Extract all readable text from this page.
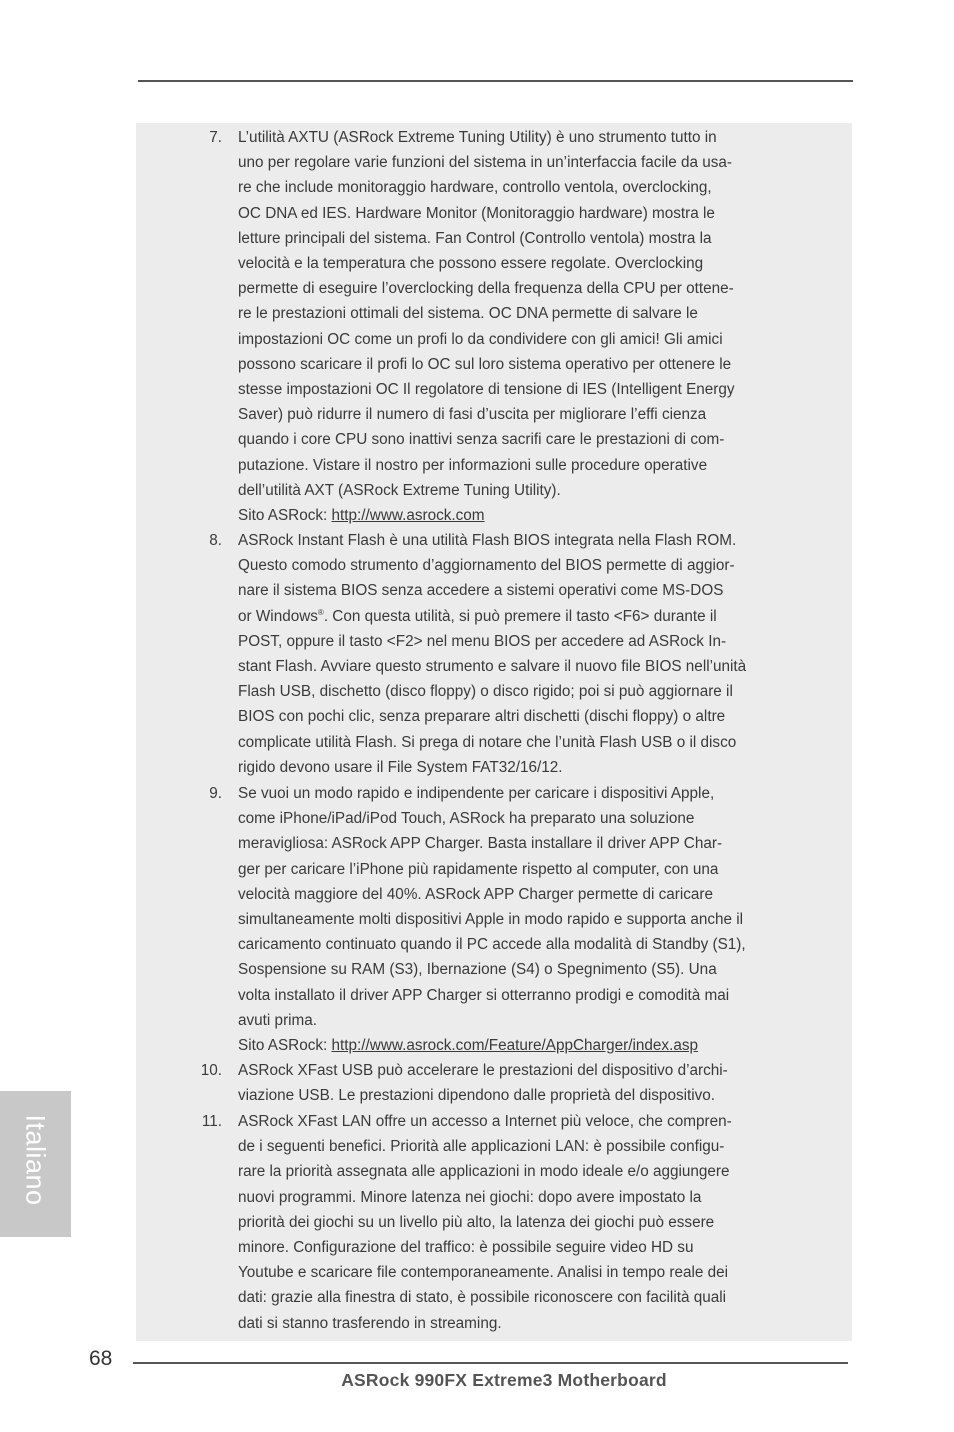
7. L’utilità AXTU (ASRock Extreme Tuning Utility) è uno strumento tutto in
uno per regolare varie funzioni del sistema in un’interfaccia facile da usa-
re che include monitoraggio hardware, controllo ventola, overclocking,
OC DNA ed IES. Hardware Monitor (Monitoraggio hardware) mostra le
letture principali del sistema. Fan Control (Controllo ventola) mostra la
velocità e la temperatura che possono essere regolate. Overclocking
permette di eseguire l’overclocking della frequenza della CPU per ottene-
re le prestazioni ottimali del sistema. OC DNA permette di salvare le
impostazioni OC come un profi lo da condividere con gli amici! Gli amici
possono scaricare il profi lo OC sul loro sistema operativo per ottenere le
stesse impostazioni OC Il regolatore di tensione di IES (Intelligent Energy
Saver) può ridurre il numero di fasi d’uscita per migliorare l’effi cienza
quando i core CPU sono inattivi senza sacrifi care le prestazioni di com-
putazione. Vistare il nostro per informazioni sulle procedure operative
dell’utilità AXT (ASRock Extreme Tuning Utility).
Sito ASRock: http://www.asrock.com
8. ASRock Instant Flash è una utilità Flash BIOS integrata nella Flash ROM.
Questo comodo strumento d’aggiornamento del BIOS permette di aggior-
nare il sistema BIOS senza accedere a sistemi operativi come MS-DOS
or Windows®. Con questa utilità, si può premere il tasto <F6> durante il
POST, oppure il tasto <F2> nel menu BIOS per accedere ad ASRock In-
stant Flash. Avviare questo strumento e salvare il nuovo file BIOS nell’unità
Flash USB, dischetto (disco floppy) o disco rigido; poi si può aggiornare il
BIOS con pochi clic, senza preparare altri dischetti (dischi floppy) o altre
complicate utilità Flash. Si prega di notare che l’unità Flash USB o il disco
rigido devono usare il File System FAT32/16/12.
9. Se vuoi un modo rapido e indipendente per caricare i dispositivi Apple,
come iPhone/iPad/iPod Touch, ASRock ha preparato una soluzione
meravigliosa: ASRock APP Charger. Basta installare il driver APP Char-
ger per caricare l’iPhone più rapidamente rispetto al computer, con una
velocità maggiore del 40%. ASRock APP Charger permette di caricare
simultaneamente molti dispositivi Apple in modo rapido e supporta anche il
caricamento continuato quando il PC accede alla modalità di Standby (S1),
Sospensione su RAM (S3), Ibernazione (S4) o Spegnimento (S5). Una
volta installato il driver APP Charger si otterranno prodigi e comodità mai
avuti prima.
Sito ASRock: http://www.asrock.com/Feature/AppCharger/index.asp
10. ASRock XFast USB può accelerare le prestazioni del dispositivo d’archi-
viazione USB. Le prestazioni dipendono dalle proprietà del dispositivo.
11. ASRock XFast LAN offre un accesso a Internet più veloce, che compren-
de i seguenti benefici. Priorità alle applicazioni LAN: è possibile configu-
rare la priorità assegnata alle applicazioni in modo ideale e/o aggiungere
nuovi programmi. Minore latenza nei giochi: dopo avere impostato la
priorità dei giochi su un livello più alto, la latenza dei giochi può essere
minore. Configurazione del traffico: è possibile seguire video HD su
Youtube e scaricare file contemporaneamente. Analisi in tempo reale dei
dati: grazie alla finestra di stato, è possibile riconoscere con facilità quali
dati si stanno trasferendo in streaming.
Italiano
68
ASRock 990FX Extreme3 Motherboard
